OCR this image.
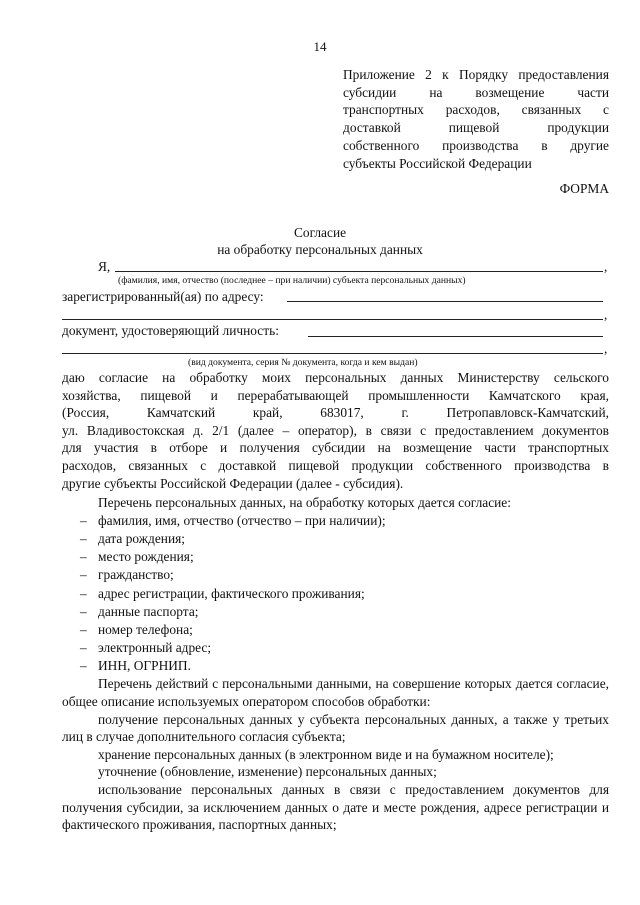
14
Приложение 2 к Порядку предоставления
субсидии на возмещение части
транспортных расходов, связанных с
доставкой пищевой продукции
собственного производства в другие
субъекты Российской Федерации
ФОРМА
Согласие
на обработку персональных данных
Я,	,
(фамилия, имя, отчество (последнее – при наличии) субъекта персональных данных)
зарегистрированный(ая) по адресу:
,
документ, удостоверяющий личность:
,
(вид документа, серия № документа, когда и кем выдан)

даю согласие на обработку моих персональных данных Министерству сельского
хозяйства, пищевой и перерабатывающей промышленности Камчатского края,
(Россия, Камчатский край, 683017, г. Петропавловск-Камчатский,
ул. Владивостокская д. 2/1 (далее – оператор), в связи с предоставлением документов
для участия в отборе и получения субсидии на возмещение части транспортных
расходов, связанных с доставкой пищевой продукции собственного производства в
другие субъекты Российской Федерации (далее - субсидия).

Перечень персональных данных, на обработку которых дается согласие:

– фамилия, имя, отчество (отчество – при наличии);
– дата рождения;
– место рождения;
– гражданство;
– адрес регистрации, фактического проживания;
– данные паспорта;
– номер телефона;
– электронный адрес;
– ИНН, ОГРНИП.

Перечень действий с персональными данными, на совершение которых дается согласие, общее описание используемых оператором способов обработки:

получение персональных данных у субъекта персональных данных, а также у третьих лиц в случае дополнительного согласия субъекта;

хранение персональных данных (в электронном виде и на бумажном носителе);

уточнение (обновление, изменение) персональных данных;

использование персональных данных в связи с предоставлением документов для получения субсидии, за исключением данных о дате и месте рождения, адресе регистрации и фактического проживания, паспортных данных;
